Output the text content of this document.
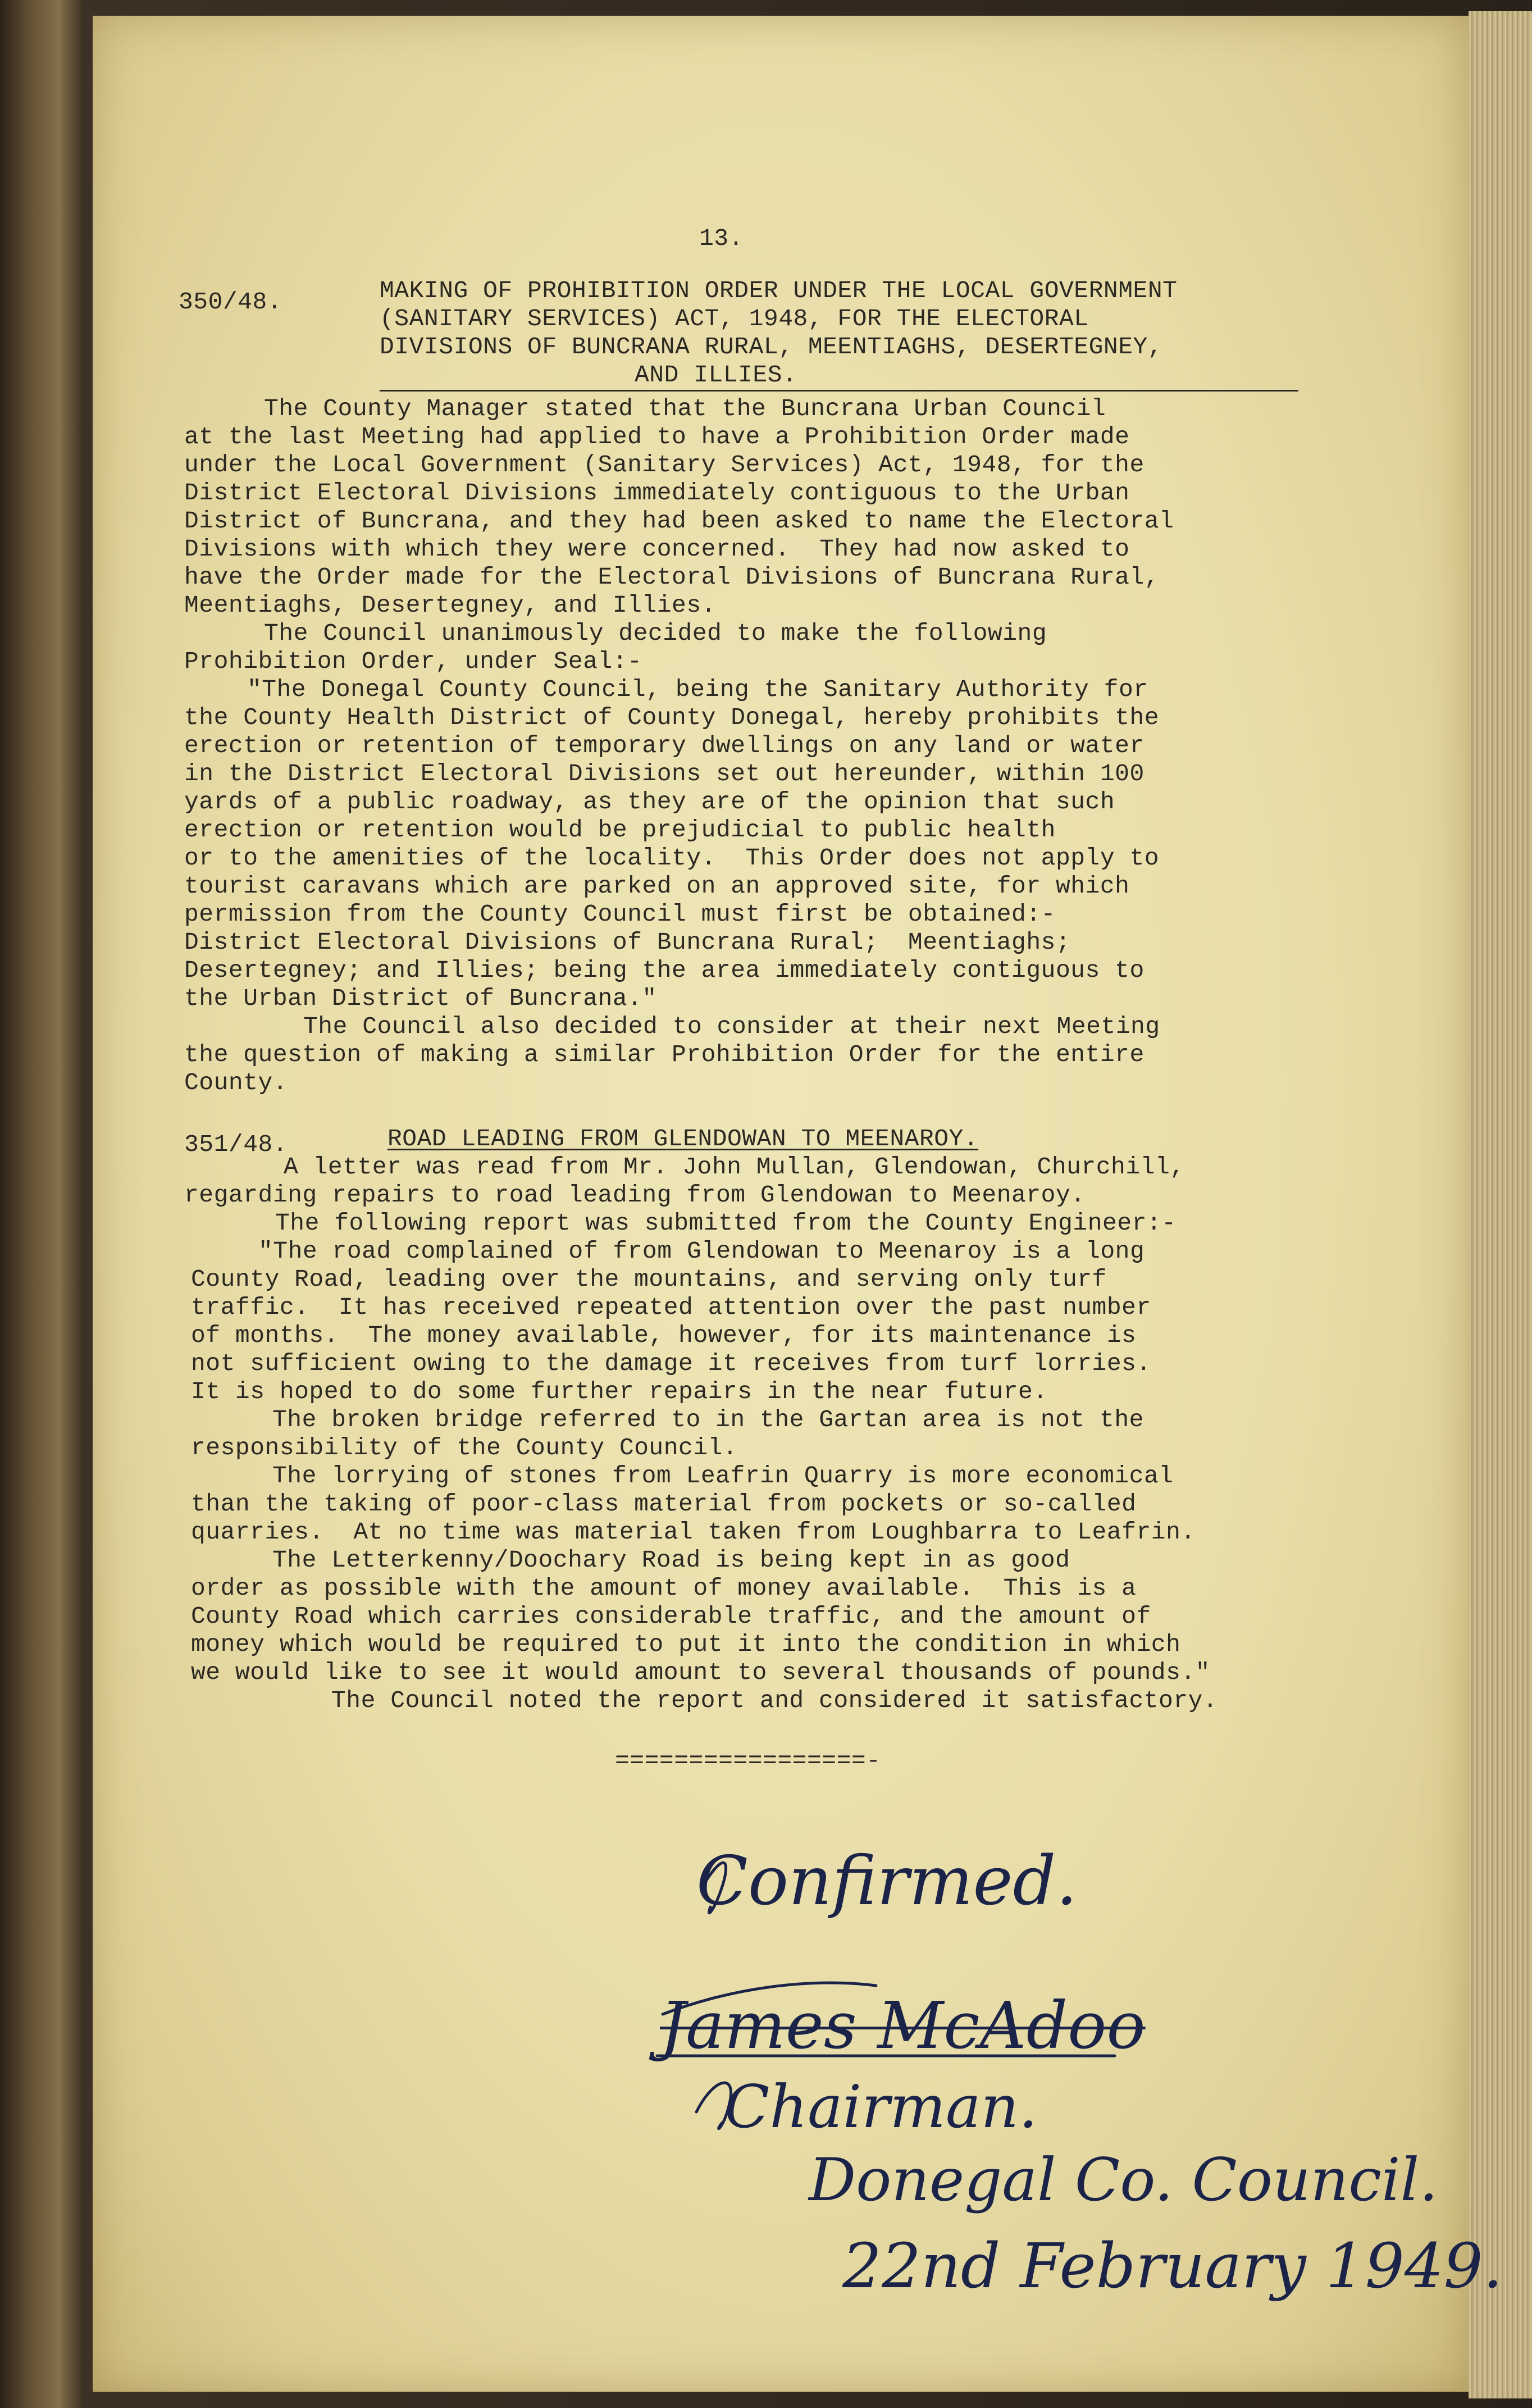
13.
350/48.	MAKING OF PROHIBITION ORDER UNDER THE LOCAL GOVERNMENT
(SANITARY SERVICES) ACT, 1948, FOR THE ELECTORAL
DIVISIONS OF BUNCRANA RURAL, MEENTIAGHS, DESERTEGNEY,
AND ILLIES.
The County Manager stated that the Buncrana Urban Council
at the last Meeting had applied to have a Prohibition Order made
under the Local Government (Sanitary Services) Act, 1948, for the
District Electoral Divisions immediately contiguous to the Urban
District of Buncrana, and they had been asked to name the Electoral
Divisions with which they were concerned.  They had now asked to
have the Order made for the Electoral Divisions of Buncrana Rural,
Meentiaghs, Desertegney, and Illies.
The Council unanimously decided to make the following
Prohibition Order, under Seal:-
"The Donegal County Council, being the Sanitary Authority for
the County Health District of County Donegal, hereby prohibits the
erection or retention of temporary dwellings on any land or water
in the District Electoral Divisions set out hereunder, within 100
yards of a public roadway, as they are of the opinion that such
erection or retention would be prejudicial to public health
or to the amenities of the locality.  This Order does not apply to
tourist caravans which are parked on an approved site, for which
permission from the County Council must first be obtained:-
District Electoral Divisions of Buncrana Rural;  Meentiaghs;
Desertegney; and Illies; being the area immediately contiguous to
the Urban District of Buncrana."
The Council also decided to consider at their next Meeting
the question of making a similar Prohibition Order for the entire
County.
351/48.	ROAD LEADING FROM GLENDOWAN TO MEENAROY.
A letter was read from Mr. John Mullan, Glendowan, Churchill,
regarding repairs to road leading from Glendowan to Meenaroy.
The following report was submitted from the County Engineer:-
"The road complained of from Glendowan to Meenaroy is a long
County Road, leading over the mountains, and serving only turf
traffic.  It has received repeated attention over the past number
of months.  The money available, however, for its maintenance is
not sufficient owing to the damage it receives from turf lorries.
It is hoped to do some further repairs in the near future.
The broken bridge referred to in the Gartan area is not the
responsibility of the County Council.
The lorrying of stones from Leafrin Quarry is more economical
than the taking of poor-class material from pockets or so-called
quarries.  At no time was material taken from Loughbarra to Leafrin.
The Letterkenny/Doochary Road is being kept in as good
order as possible with the amount of money available.  This is a
County Road which carries considerable traffic, and the amount of
money which would be required to put it into the condition in which
we would like to see it would amount to several thousands of pounds."
The Council noted the report and considered it satisfactory.
=================-
Confirmed.
James McAdoo
Chairman.
Donegal Co. Council.
22nd February 1949.
